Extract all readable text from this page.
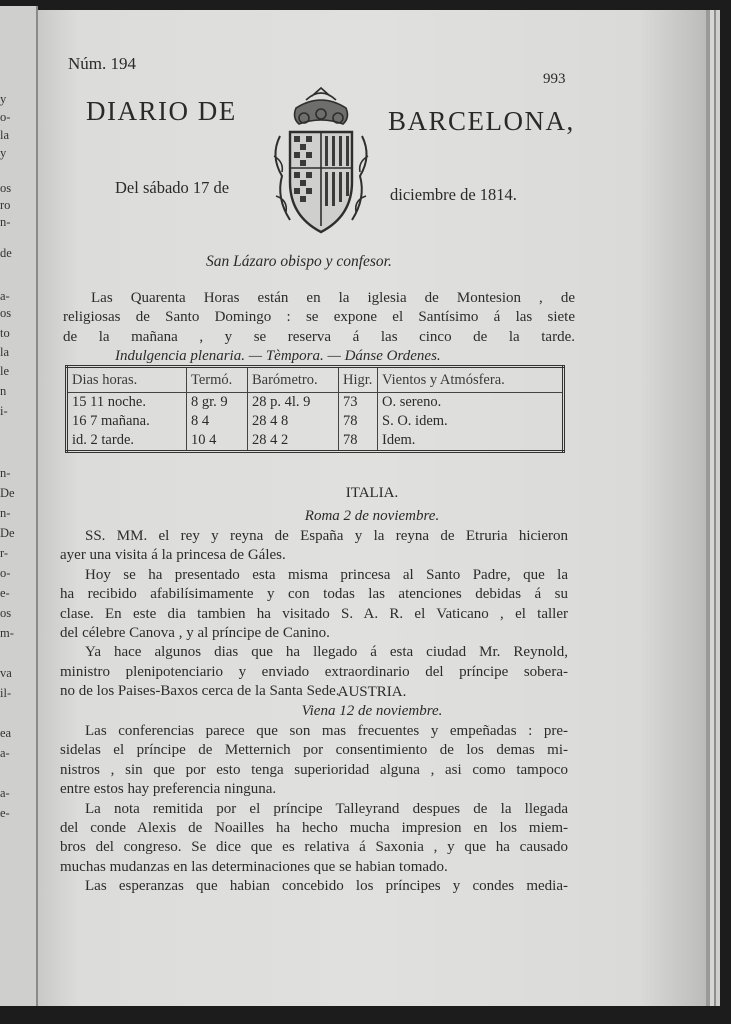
y
o-
la
y
os
ro
n-
de
a-
os
to
la
le
n
i-
n-
De
n-
De
r-
o-
e-
os
m-
va
il-
ea
a-
a-
e-
Núm. 194
993
DIARIO DE	BARCELONA,
Del sábado 17 de	diciembre de 1814.
San Lázaro obispo y confesor.
Las Quarenta Horas están en la iglesia de Montesion , de
religiosas de Santo Domingo : se expone el Santísimo á las siete
de la mañana , y se reserva á las cinco de la tarde.
Indulgencia plenaria. — Tèmpora. — Dánse Ordenes.
Dias horas.	Termó.	Barómetro.	Higr.	Vientos y Atmósfera.
15 11 noche.	8 gr. 9	28 p. 4l. 9	73	O. sereno.
16 7 mañana.	8 4	28 4 8	78	S. O. idem.
id. 2 tarde.	10 4	28 4 2	78	Idem.
ITALIA.
Roma 2 de noviembre.
SS. MM. el rey y reyna de España y la reyna de Etruria hicieron
ayer una visita á la princesa de Gáles.
Hoy se ha presentado esta misma princesa al Santo Padre, que la
ha recibido afabilísimamente y con todas las atenciones debidas á su
clase. En este dia tambien ha visitado S. A. R. el Vaticano , el taller
del célebre Canova , y al príncipe de Canino.
Ya hace algunos dias que ha llegado á esta ciudad Mr. Reynold,
ministro plenipotenciario y enviado extraordinario del príncipe sobera-
no de los Paises-Baxos cerca de la Santa Sede.
AUSTRIA.
Viena 12 de noviembre.
Las conferencias parece que son mas frecuentes y empeñadas : pre-
sidelas el príncipe de Metternich por consentimiento de los demas mi-
nistros , sin que por esto tenga superioridad alguna , asi como tampoco
entre estos hay preferencia ninguna.
La nota remitida por el príncipe Talleyrand despues de la llegada
del conde Alexis de Noailles ha hecho mucha impresion en los miem-
bros del congreso. Se dice que es relativa á Saxonia , y que ha causado
muchas mudanzas en las determinaciones que se habian tomado.
Las esperanzas que habian concebido los príncipes y condes media-
